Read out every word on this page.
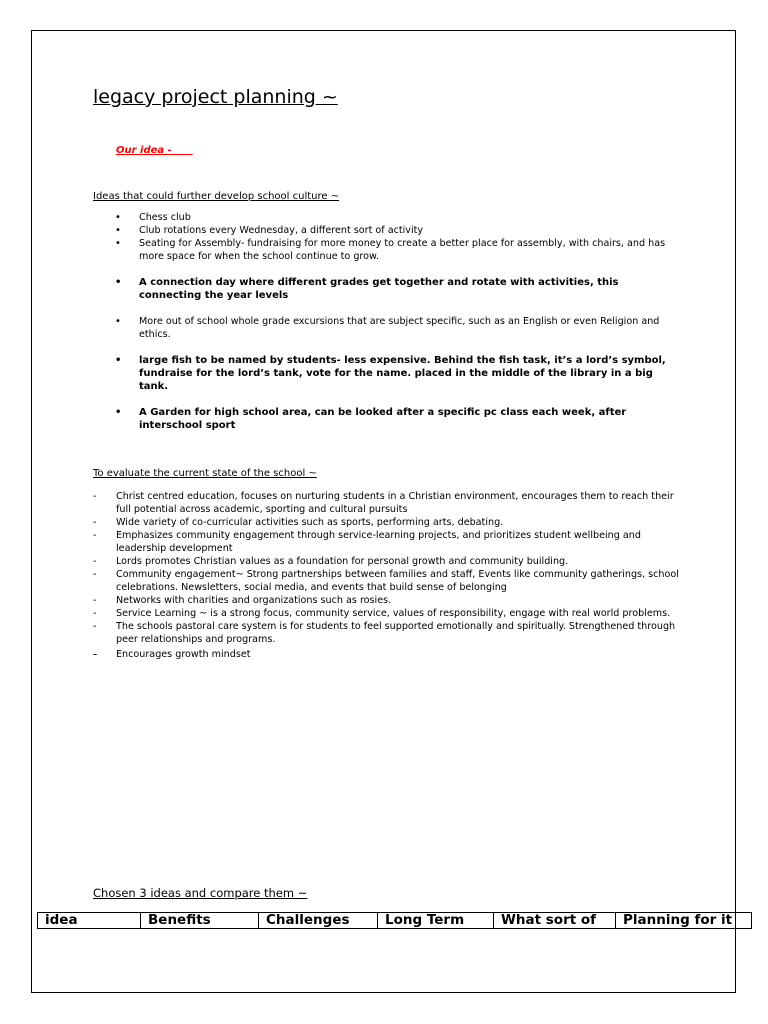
legacy project planning ~
Our idea -
Ideas that could further develop school culture ~
• Chess club
• Club rotations every Wednesday, a different sort of activity
• Seating for Assembly- fundraising for more money to create a better place for assembly, with chairs, and has more space for when the school continue to grow.
• A connection day where different grades get together and rotate with activities, this connecting the year levels
• More out of school whole grade excursions that are subject specific, such as an English or even Religion and ethics.
• large fish to be named by students- less expensive. Behind the fish task, it’s a lord’s symbol, fundraise for the lord’s tank, vote for the name. placed in the middle of the library in a big tank.
• A Garden for high school area, can be looked after a specific pc class each week, after interschool sport
To evaluate the current state of the school ~
- Christ centred education, focuses on nurturing students in a Christian environment, encourages them to reach their full potential across academic, sporting and cultural pursuits
- Wide variety of co-curricular activities such as sports, performing arts, debating.
- Emphasizes community engagement through service-learning projects, and prioritizes student wellbeing and leadership development
- Lords promotes Christian values as a foundation for personal growth and community building.
- Community engagement~ Strong partnerships between families and staff, Events like community gatherings, school celebrations. Newsletters, social media, and events that build sense of belonging
- Networks with charities and organizations such as rosies.
- Service Learning ~ is a strong focus, community service, values of responsibility, engage with real world problems.
- The schools pastoral care system is for students to feel supported emotionally and spiritually. Strengthened through peer relationships and programs.
- Encourages growth mindset
Chosen 3 ideas and compare them ~
idea	Benefits	Challenges	Long Term	What sort of	Planning for it
